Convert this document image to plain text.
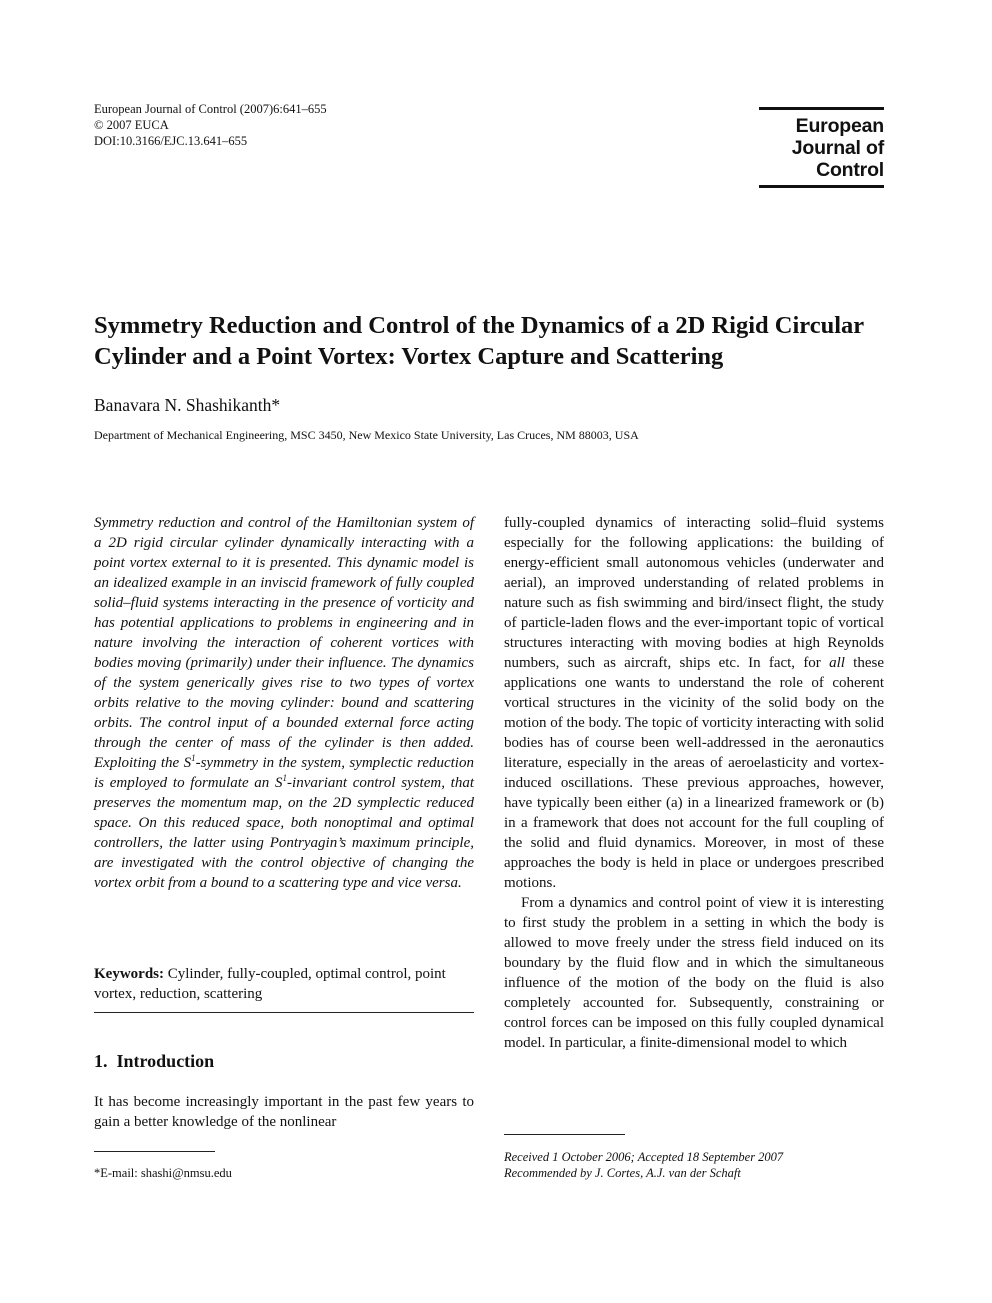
European Journal of Control (2007)6:641–655
© 2007 EUCA
DOI:10.3166/EJC.13.641–655
European
Journal of
Control
Symmetry Reduction and Control of the Dynamics of a 2D Rigid Circular Cylinder and a Point Vortex: Vortex Capture and Scattering
Banavara N. Shashikanth*
Department of Mechanical Engineering, MSC 3450, New Mexico State University, Las Cruces, NM 88003, USA
Symmetry reduction and control of the Hamiltonian system of a 2D rigid circular cylinder dynamically interacting with a point vortex external to it is presented. This dynamic model is an idealized example in an inviscid framework of fully coupled solid–fluid systems interacting in the presence of vorticity and has potential applications to problems in engineering and in nature involving the interaction of coherent vortices with bodies moving (primarily) under their influence. The dynamics of the system generically gives rise to two types of vortex orbits relative to the moving cylinder: bound and scattering orbits. The control input of a bounded external force acting through the center of mass of the cylinder is then added. Exploiting the $S^1$-symmetry in the system, symplectic reduction is employed to formulate an $S^1$-invariant control system, that preserves the momentum map, on the 2D symplectic reduced space. On this reduced space, both nonoptimal and optimal controllers, the latter using Pontryagin’s maximum principle, are investigated with the control objective of changing the vortex orbit from a bound to a scattering type and vice versa.
Keywords: Cylinder, fully-coupled, optimal control, point vortex, reduction, scattering
1. Introduction
It has become increasingly important in the past few years to gain a better knowledge of the nonlinear
*E-mail: shashi@nmsu.edu

fully-coupled dynamics of interacting solid–fluid systems especially for the following applications: the building of energy-efficient small autonomous vehicles (underwater and aerial), an improved understanding of related problems in nature such as fish swimming and bird/insect flight, the study of particle-laden flows and the ever-important topic of vortical structures interacting with moving bodies at high Reynolds numbers, such as aircraft, ships etc. In fact, for all these applications one wants to understand the role of coherent vortical structures in the vicinity of the solid body on the motion of the body. The topic of vorticity interacting with solid bodies has of course been well-addressed in the aeronautics literature, especially in the areas of aeroelasticity and vortex-induced oscillations. These previous approaches, however, have typically been either (a) in a linearized framework or (b) in a framework that does not account for the full coupling of the solid and fluid dynamics. Moreover, in most of these approaches the body is held in place or undergoes prescribed motions.

From a dynamics and control point of view it is interesting to first study the problem in a setting in which the body is allowed to move freely under the stress field induced on its boundary by the fluid flow and in which the simultaneous influence of the motion of the body on the fluid is also completely accounted for. Subsequently, constraining or control forces can be imposed on this fully coupled dynamical model. In particular, a finite-dimensional model to which

Received 1 October 2006; Accepted 18 September 2007
Recommended by J. Cortes, A.J. van der Schaft
